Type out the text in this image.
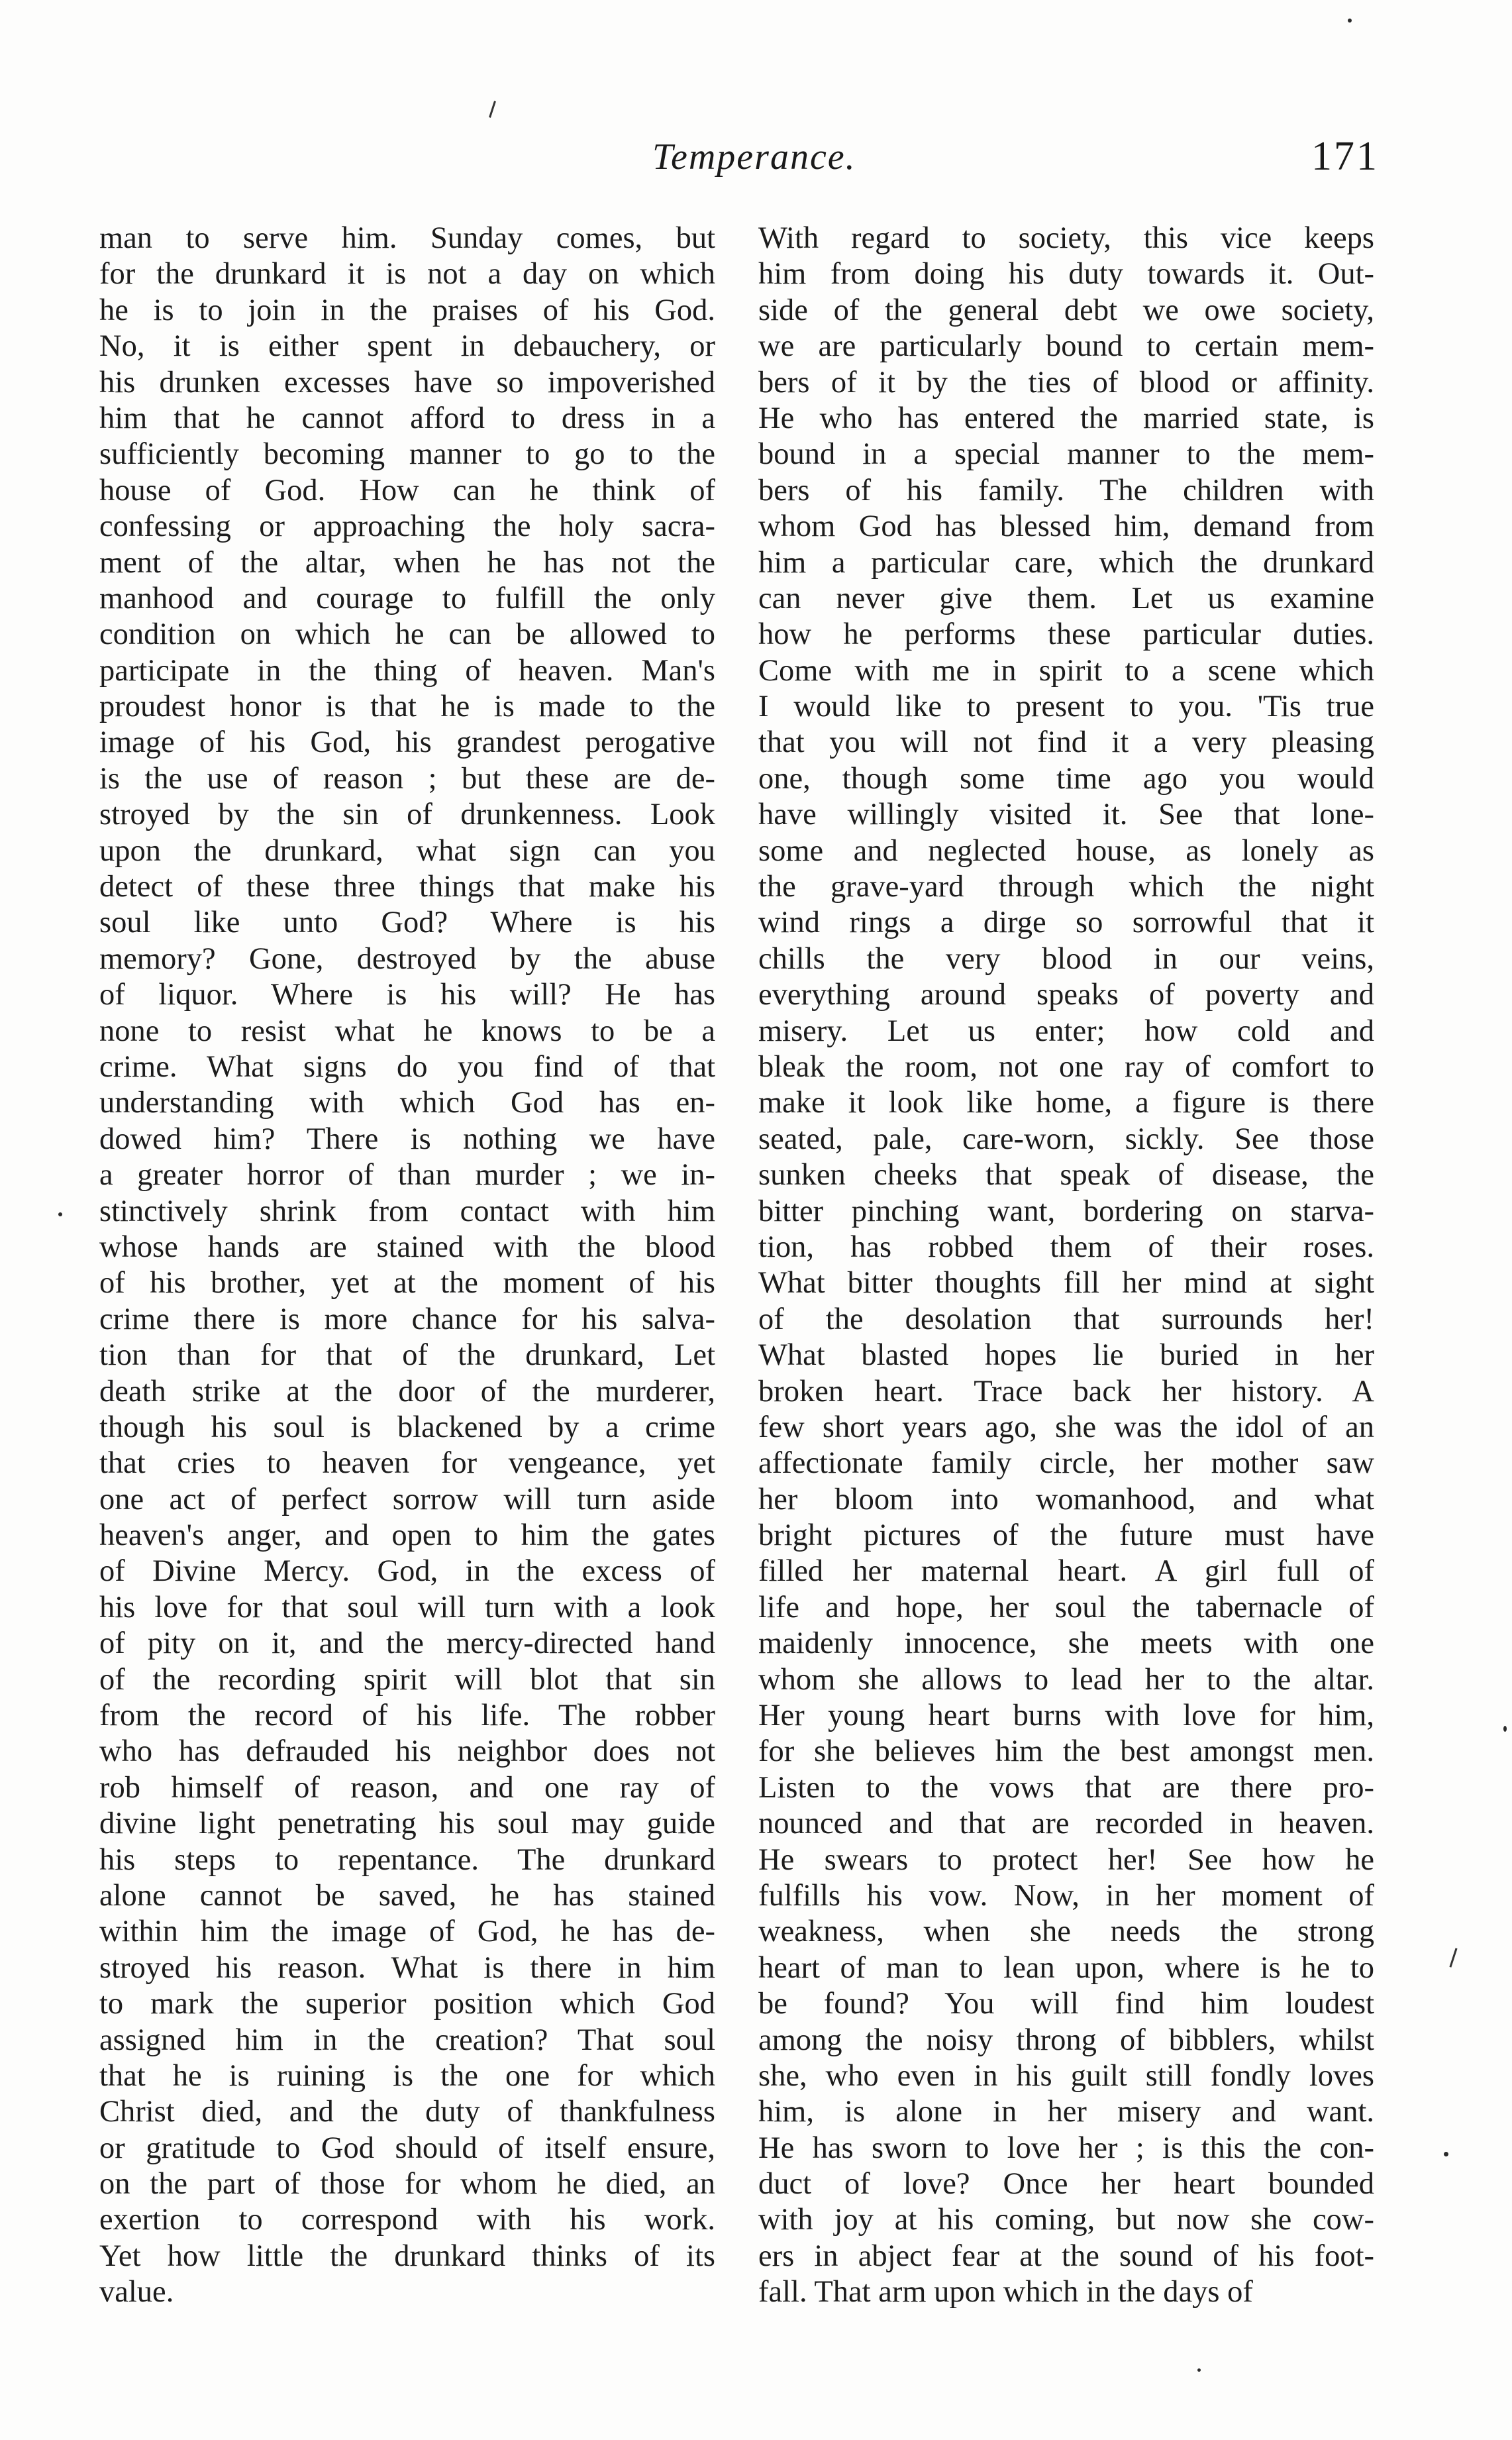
Temperance.	171
man to serve him. Sunday comes, but
for the drunkard it is not a day on which
he is to join in the praises of his God.
No, it is either spent in debauchery, or
his drunken excesses have so impoverished
him that he cannot afford to dress in a
sufficiently becoming manner to go to the
house of God. How can he think of
confessing or approaching the holy sacra-
ment of the altar, when he has not the
manhood and courage to fulfill the only
condition on which he can be allowed to
participate in the thing of heaven. Man's
proudest honor is that he is made to the
image of his God, his grandest perogative
is the use of reason ; but these are de-
stroyed by the sin of drunkenness. Look
upon the drunkard, what sign can you
detect of these three things that make his
soul like unto God? Where is his
memory? Gone, destroyed by the abuse
of liquor. Where is his will? He has
none to resist what he knows to be a
crime. What signs do you find of that
understanding with which God has en-
dowed him? There is nothing we have
a greater horror of than murder ; we in-
stinctively shrink from contact with him
whose hands are stained with the blood
of his brother, yet at the moment of his
crime there is more chance for his salva-
tion than for that of the drunkard, Let
death strike at the door of the murderer,
though his soul is blackened by a crime
that cries to heaven for vengeance, yet
one act of perfect sorrow will turn aside
heaven's anger, and open to him the gates
of Divine Mercy. God, in the excess of
his love for that soul will turn with a look
of pity on it, and the mercy-directed hand
of the recording spirit will blot that sin
from the record of his life. The robber
who has defrauded his neighbor does not
rob himself of reason, and one ray of
divine light penetrating his soul may guide
his steps to repentance. The drunkard
alone cannot be saved, he has stained
within him the image of God, he has de-
stroyed his reason. What is there in him
to mark the superior position which God
assigned him in the creation? That soul
that he is ruining is the one for which
Christ died, and the duty of thankfulness
or gratitude to God should of itself ensure,
on the part of those for whom he died, an
exertion to correspond with his work.
Yet how little the drunkard thinks of its
value.
With regard to society, this vice keeps
him from doing his duty towards it. Out-
side of the general debt we owe society,
we are particularly bound to certain mem-
bers of it by the ties of blood or affinity.
He who has entered the married state, is
bound in a special manner to the mem-
bers of his family. The children with
whom God has blessed him, demand from
him a particular care, which the drunkard
can never give them. Let us examine
how he performs these particular duties.
Come with me in spirit to a scene which
I would like to present to you. 'Tis true
that you will not find it a very pleasing
one, though some time ago you would
have willingly visited it. See that lone-
some and neglected house, as lonely as
the grave-yard through which the night
wind rings a dirge so sorrowful that it
chills the very blood in our veins,
everything around speaks of poverty and
misery. Let us enter; how cold and
bleak the room, not one ray of comfort to
make it look like home, a figure is there
seated, pale, care-worn, sickly. See those
sunken cheeks that speak of disease, the
bitter pinching want, bordering on starva-
tion, has robbed them of their roses.
What bitter thoughts fill her mind at sight
of the desolation that surrounds her!
What blasted hopes lie buried in her
broken heart. Trace back her history. A
few short years ago, she was the idol of an
affectionate family circle, her mother saw
her bloom into womanhood, and what
bright pictures of the future must have
filled her maternal heart. A girl full of
life and hope, her soul the tabernacle of
maidenly innocence, she meets with one
whom she allows to lead her to the altar.
Her young heart burns with love for him,
for she believes him the best amongst men.
Listen to the vows that are there pro-
nounced and that are recorded in heaven.
He swears to protect her! See how he
fulfills his vow. Now, in her moment of
weakness, when she needs the strong
heart of man to lean upon, where is he to
be found? You will find him loudest
among the noisy throng of bibblers, whilst
she, who even in his guilt still fondly loves
him, is alone in her misery and want.
He has sworn to love her ; is this the con-
duct of love? Once her heart bounded
with joy at his coming, but now she cow-
ers in abject fear at the sound of his foot-
fall. That arm upon which in the days of
